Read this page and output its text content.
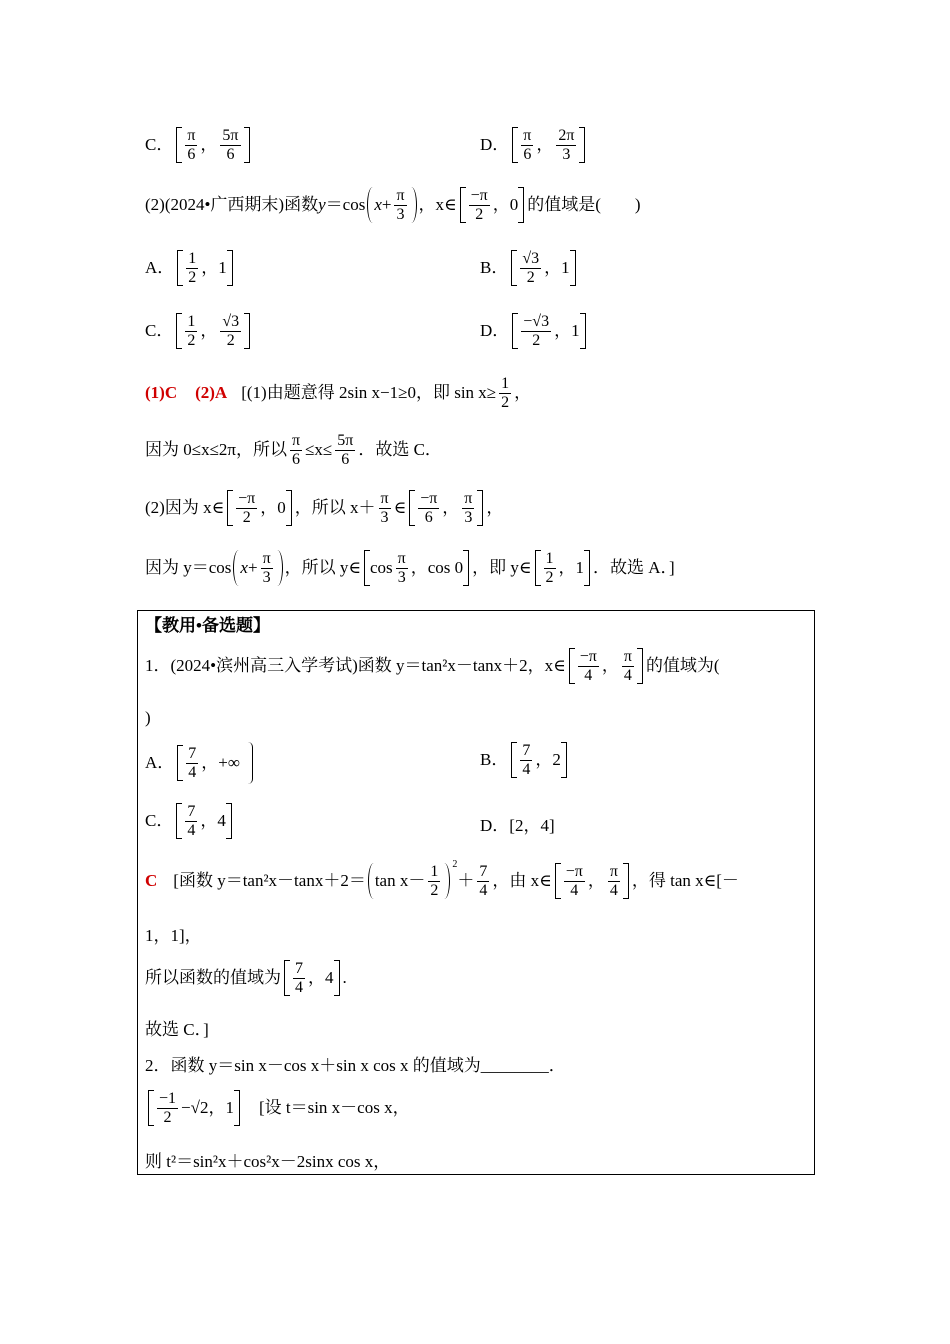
C． $\frac{\pi}{6}$ ， $\frac{5\pi}{6}$	D． $\frac{\pi}{6}$ ， $\frac{2\pi}{3}$
(2)(2024•广西期末)函数 y ＝cos $x + \frac{\pi}{3}$ ， x∈ $\frac{-\pi}{2}$ ， 0 的值域是(　　)
A． $\frac{1}{2}$ ， 1	B． $\frac{√3}{2}$ ， 1
C． $\frac{1}{2}$ ， $\frac{√3}{2}$	D． $\frac{-√3}{2}$ ， 1
(1)C (2)A [(1)由题意得 2sin x−1≥0，即 $\sin x\ge \frac{1}{2}$ ，
因为 0≤x≤2π，所以 $\frac{\pi}{6} \le x\le \frac{5\pi}{6}$ ．故选 C．
(2)因为 x∈ $\frac{-\pi}{2}$ ， 0 ，所以 $x+ \frac{\pi}{3}$ ∈ $\frac{-\pi}{6}$ ， $\frac{\pi}{3}$ ，
因为 y＝cos $x + \frac{\pi}{3}$ ，所以 y∈ $\cos \frac{\pi}{3}$ ， cos 0 ，即 y∈ $\frac{1}{2}$ ， 1 ．故选 A．]
【教用•备选题】
1．(2024•滨州高三入学考试)函数 y＝tan²x－tanx＋2，x∈ $\frac{-\pi}{4}$ ， $\frac{\pi}{4}$ 的值域为(
)
A． $\frac{7}{4}$ ， +∞	B． $\frac{7}{4}$ ， 2
C． $\frac{7}{4}$ ， 4	D．[2，4]
C [函数 $y=\tan^2x-\tan x+2= \tan x- \frac{1}{2} 2$
＋ $\frac{7}{4}$ ，由 x∈ $\frac{-\pi}{4}$ ， $\frac{\pi}{4}$ ，得 tan x∈[－
1，1]，
所以函数的值域为 $\frac{7}{4}$ ， 4 .
故选 C．]
2．函数 y＝sin x－cos x＋sin x cos x 的值域为________．
$\frac{-1}{2} -√2$ ， 1 [设 t＝sin x－cos x，
则 t²＝sin²x＋cos²x－2sinx cos x，
